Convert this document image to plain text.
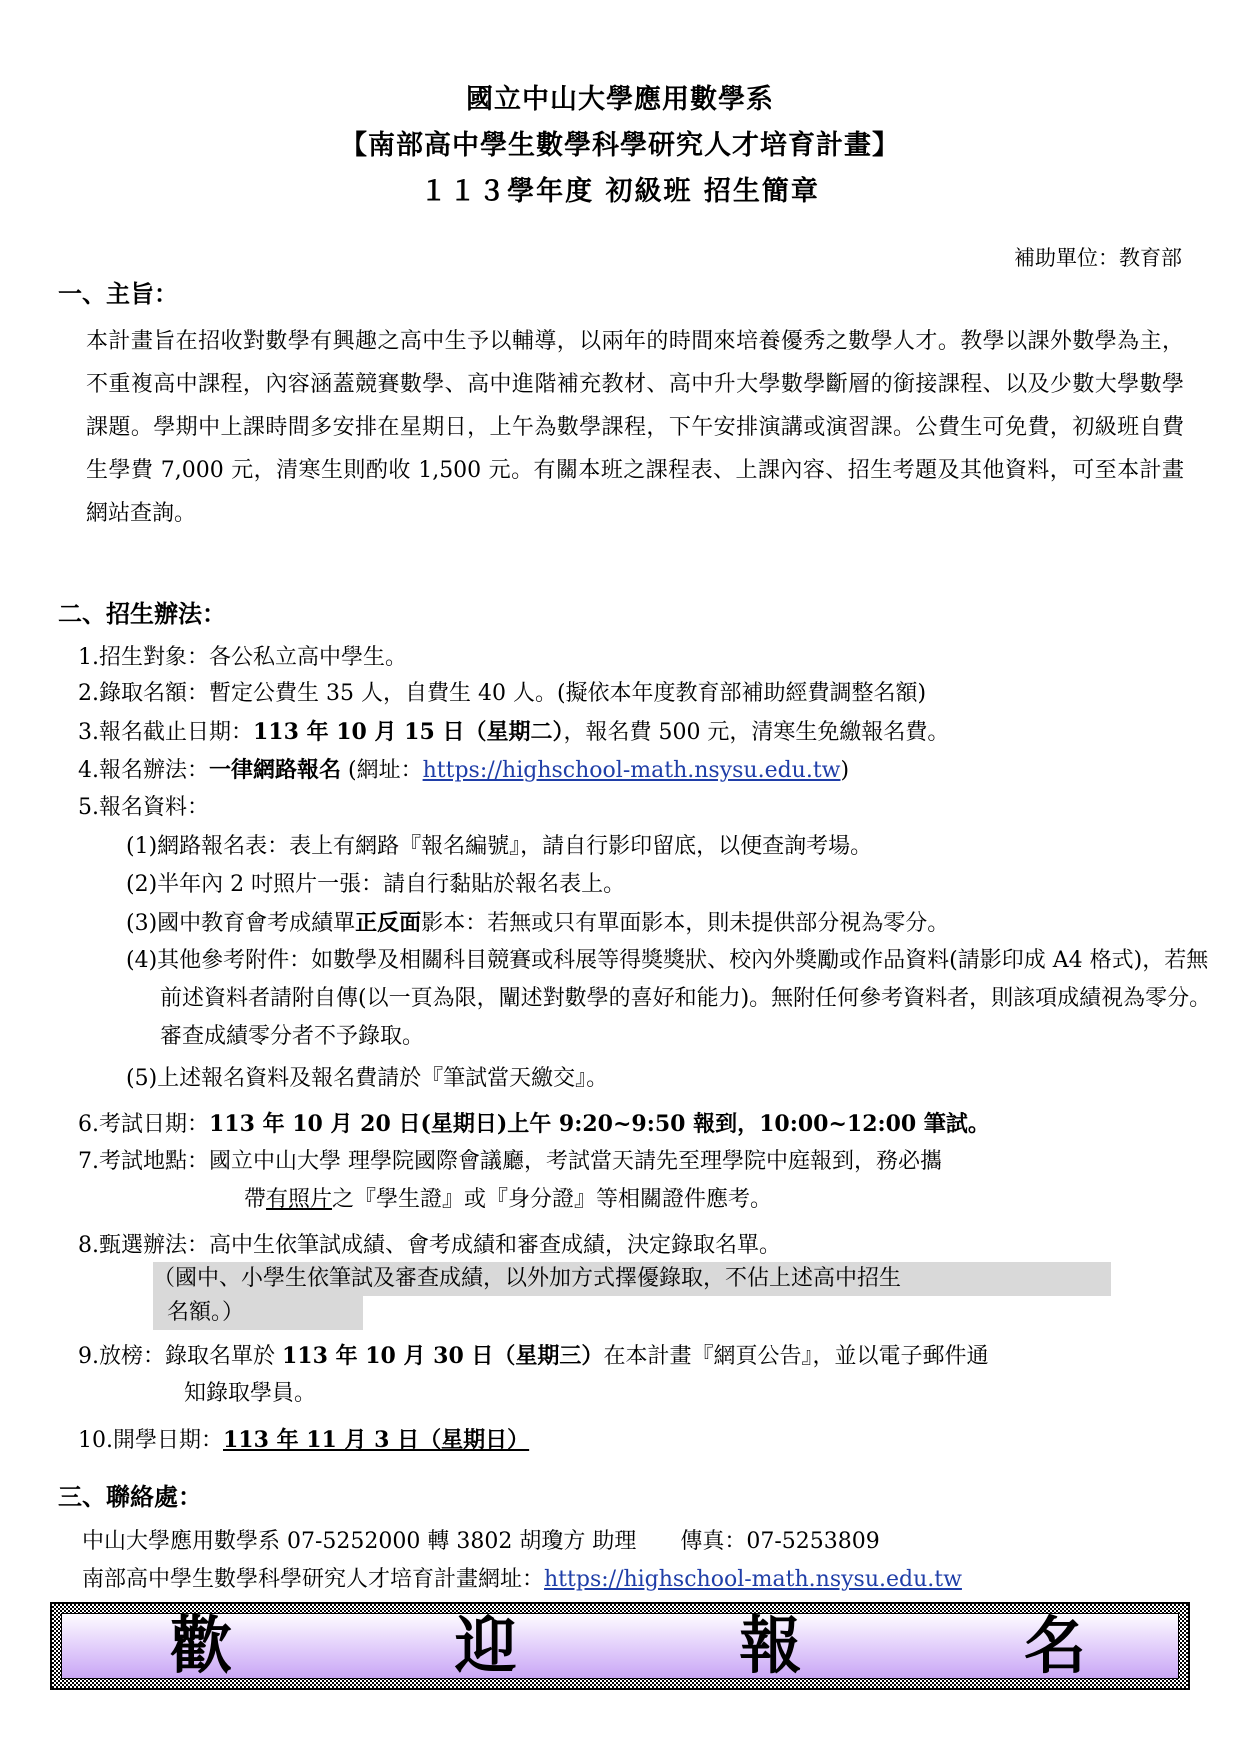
國立中山大學應用數學系
【南部高中學生數學科學研究人才培育計畫】
１１３學年度 初級班 招生簡章
補助單位：教育部
一、主旨：
本計畫旨在招收對數學有興趣之高中生予以輔導，以兩年的時間來培養優秀之數學人才。教學以課外數學為主，不重複高中課程，內容涵蓋競賽數學、高中進階補充教材、高中升大學數學斷層的銜接課程、以及少數大學數學課題。學期中上課時間多安排在星期日，上午為數學課程，下午安排演講或演習課。公費生可免費，初級班自費生學費 7,000 元，清寒生則酌收 1,500 元。有關本班之課程表、上課內容、招生考題及其他資料，可至本計畫網站查詢。
二、招生辦法：
1.招生對象：各公私立高中學生。
2.錄取名額：暫定公費生 35 人，自費生 40 人。(擬依本年度教育部補助經費調整名額)
3.報名截止日期：113 年 10 月 15 日（星期二），報名費 500 元，清寒生免繳報名費。
4.報名辦法：一律網路報名 (網址：https://highschool-math.nsysu.edu.tw)
5.報名資料：
(1)網路報名表：表上有網路『報名編號』，請自行影印留底，以便查詢考場。
(2)半年內 2 吋照片一張：請自行黏貼於報名表上。
(3)國中教育會考成績單正反面影本：若無或只有單面影本，則未提供部分視為零分。
(4)其他參考附件：如數學及相關科目競賽或科展等得獎獎狀、校內外獎勵或作品資料(請影印成 A4 格式)，若無前述資料者請附自傳(以一頁為限，闡述對數學的喜好和能力)。無附任何參考資料者，則該項成績視為零分。審查成績零分者不予錄取。
(5)上述報名資料及報名費請於『筆試當天繳交』。
6.考試日期：113 年 10 月 20 日(星期日)上午 9:20~9:50 報到，10:00~12:00 筆試。
7.考試地點：國立中山大學 理學院國際會議廳，考試當天請先至理學院中庭報到，務必攜
帶有照片之『學生證』或『身分證』等相關證件應考。
8.甄選辦法：高中生依筆試成績、會考成績和審查成績，決定錄取名單。
（國中、小學生依筆試及審查成績，以外加方式擇優錄取，不佔上述高中招生
名額。）
9.放榜：錄取名單於 113 年 10 月 30 日（星期三）在本計畫『網頁公告』，並以電子郵件通
知錄取學員。
10.開學日期：113 年 11 月 3 日（星期日）
三、聯絡處：
中山大學應用數學系 07-5252000 轉 3802 胡瓊方 助理　　傳真：07-5253809
南部高中學生數學科學研究人才培育計畫網址：https://highschool-math.nsysu.edu.tw
歡	迎	報	名
